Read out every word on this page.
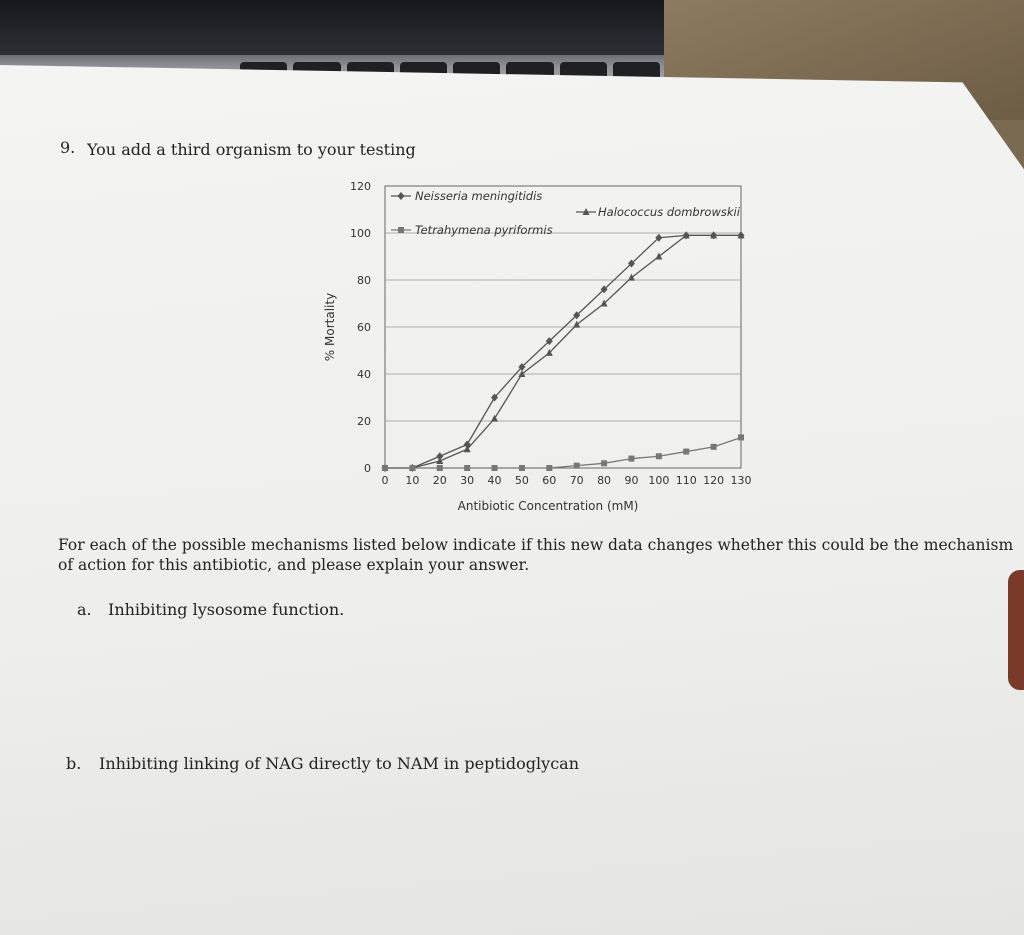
9. You add a third organism to your testing
0
20
40
60
80
100
120
0 10 20 30 40 50 60 70 80 90 100 110 120 130
Antibiotic Concentration (mM)
% Mortality
Neisseria meningitidis
Halococcus dombrowskii
Tetrahymena pyriformis
For each of the possible mechanisms listed below indicate if this new data changes whether this could be the mechanism
of action for this antibiotic, and please explain your answer.
a. Inhibiting lysosome function.
b. Inhibiting linking of NAG directly to NAM in peptidoglycan
